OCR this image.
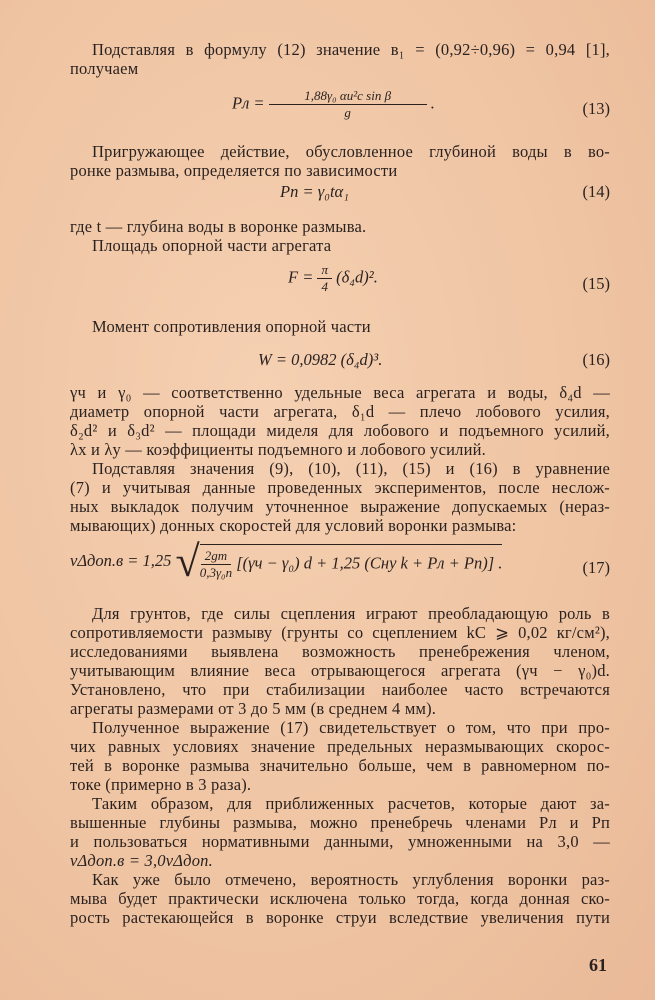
Подставляя в формулу (12) значение в₁ = (0,92÷0,96) = 0,94 [1],
получаем
Pл = $\frac{\text{1,88γ₀ αu²c sin β}}{g}$ .	(13)
Пригружающее действие, обусловленное глубиной воды в во-
ронке размыва, определяется по зависимости
Pп = γ₀tα₁	(14)
где t — глубина воды в воронке размыва.
Площадь опорной части агрегата
$F = \frac{\pi}{4} (\delta_4d)^2$.	(15)
Момент сопротивления опорной части
W = 0,0982 (δ₄d)³.	(16)
γч и γ₀ — соответственно удельные веса агрегата и воды, δ₄d —
диаметр опорной части агрегата, δ₁d — плечо лобового усилия,
δ₂d² и δ₃d² — площади миделя для лобового и подъемного усилий,
λх и λу — коэффициенты подъемного и лобового усилий.
Подставляя значения (9), (10), (11), (15) и (16) в уравнение
(7) и учитывая данные проведенных экспериментов, после неслож-
ных выкладок получим уточненное выражение допускаемых (нераз-
мывающих) донных скоростей для условий воронки размыва:
vΔдоп.в = 1,25 √ $\frac{2gm}{\text{0,3γ₀n}} [(\gamma ч - \gamma_0) d + 1,25$ (Cнy k + Pл + Pп)] .	(17)
Для грунтов, где силы сцепления играют преобладающую роль в
сопротивляемости размыву (грунты со сцеплением kC ⩾ 0,02 кг/см²),
исследованиями выявлена возможность пренебрежения членом,
учитывающим влияние веса отрывающегося агрегата (γч − γ₀)d.
Установлено, что при стабилизации наиболее часто встречаются
агрегаты размерами от 3 до 5 мм (в среднем 4 мм).
Полученное выражение (17) свидетельствует о том, что при про-
чих равных условиях значение предельных неразмывающих скорос-
тей в воронке размыва значительно больше, чем в равномерном по-
токе (примерно в 3 раза).
Таким образом, для приближенных расчетов, которые дают за-
вышенные глубины размыва, можно пренебречь членами Pл и Pп
и пользоваться нормативными данными, умноженными на 3,0 —
vΔдоп.в = 3,0vΔдоп.
Как уже было отмечено, вероятность углубления воронки раз-
мыва будет практически исключена только тогда, когда донная ско-
рость растекающейся в воронке струи вследствие увеличения пути
61
